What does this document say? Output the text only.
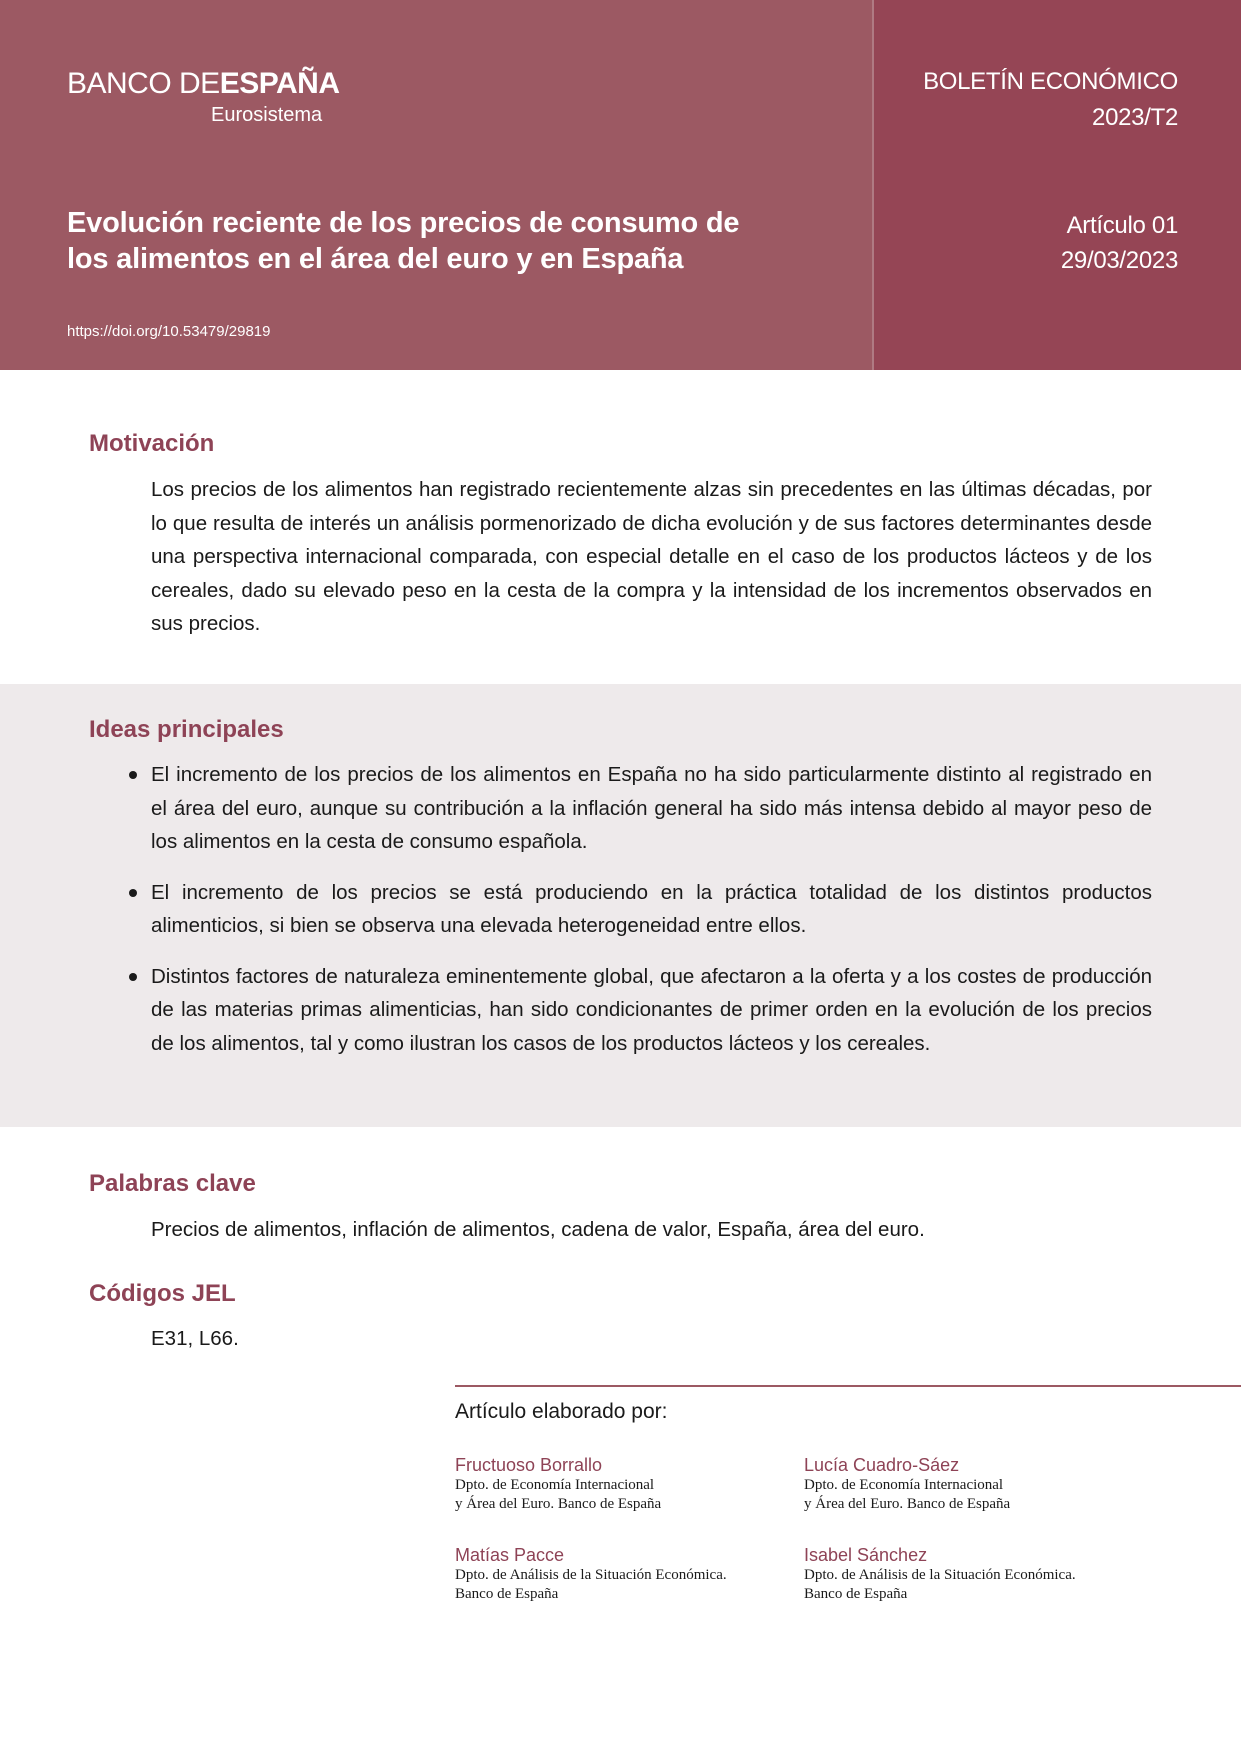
BANCO DEESPAÑA
Eurosistema
BOLETÍN ECONÓMICO
2023/T2
Evolución reciente de los precios de consumo de los alimentos en el área del euro y en España
https://doi.org/10.53479/29819
Artículo 01
29/03/2023
Motivación

Los precios de los alimentos han registrado recientemente alzas sin precedentes en las últimas décadas, por lo que resulta de interés un análisis pormenorizado de dicha evolución y de sus factores determinantes desde una perspectiva internacional comparada, con especial detalle en el caso de los productos lácteos y de los cereales, dado su elevado peso en la cesta de la compra y la intensidad de los incrementos observados en sus precios.

Ideas principales
El incremento de los precios de los alimentos en España no ha sido particularmente distinto al registrado en el área del euro, aunque su contribución a la inflación general ha sido más intensa debido al mayor peso de los alimentos en la cesta de consumo española.
El incremento de los precios se está produciendo en la práctica totalidad de los distintos productos alimenticios, si bien se observa una elevada heterogeneidad entre ellos.
Distintos factores de naturaleza eminentemente global, que afectaron a la oferta y a los costes de producción de las materias primas alimenticias, han sido condicionantes de primer orden en la evolución de los precios de los alimentos, tal y como ilustran los casos de los productos lácteos y los cereales.
Palabras clave

Precios de alimentos, inflación de alimentos, cadena de valor, España, área del euro.

Códigos JEL

E31, L66.

Artículo elaborado por:
Fructuoso Borrallo
Dpto. de Economía Internacional
y Área del Euro. Banco de España
Lucía Cuadro-Sáez
Dpto. de Economía Internacional
y Área del Euro. Banco de España
Matías Pacce
Dpto. de Análisis de la Situación Económica.
Banco de España
Isabel Sánchez
Dpto. de Análisis de la Situación Económica.
Banco de España
